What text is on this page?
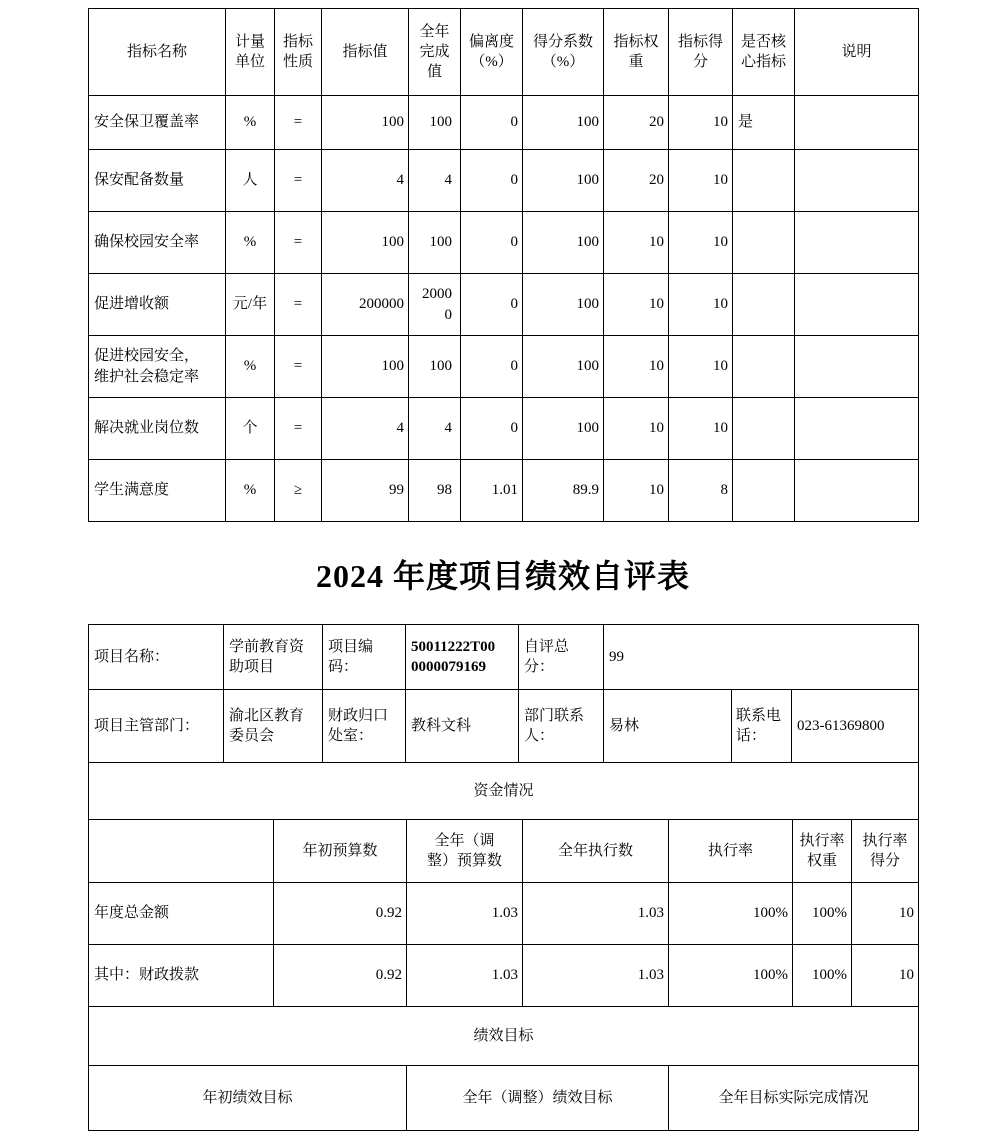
指标名称	计量单位	指标性质	指标值	全年完成值	偏离度（%）	得分系数（%）	指标权重	指标得分	是否核心指标	说明
安全保卫覆盖率	%	=	100	100	0	100	20	10	是	
保安配备数量	人	=	4	4	0	100	20	10		
确保校园安全率	%	=	100	100	0	100	10	10		
促进增收额	元/年	=	200000	20000	0	100	10	10		
促进校园安全，维护社会稳定率	%	=	100	100	0	100	10	10		
解决就业岗位数	个	=	4	4	0	100	10	10		
学生满意度	%	≥	99	98	1.01	89.9	10	8		
2024 年度项目绩效自评表
项目名称：	学前教育资助项目	项目编码：	50011222T000000079169	自评总分：	99		
项目主管部门：	渝北区教育委员会	财政归口处室：	教科文科	部门联系人：	易林	联系电话：	023-61369800
资金情况						
	年初预算数	全年（调整）预算数	全年执行数	执行率	执行率权重	执行率得分
年度总金额	0.92	1.03	1.03	100%	100%	10
其中：财政拨款	0.92	1.03	1.03	100%	100%	10
绩效目标
年初绩效目标	全年（调整）绩效目标	全年目标实际完成情况
